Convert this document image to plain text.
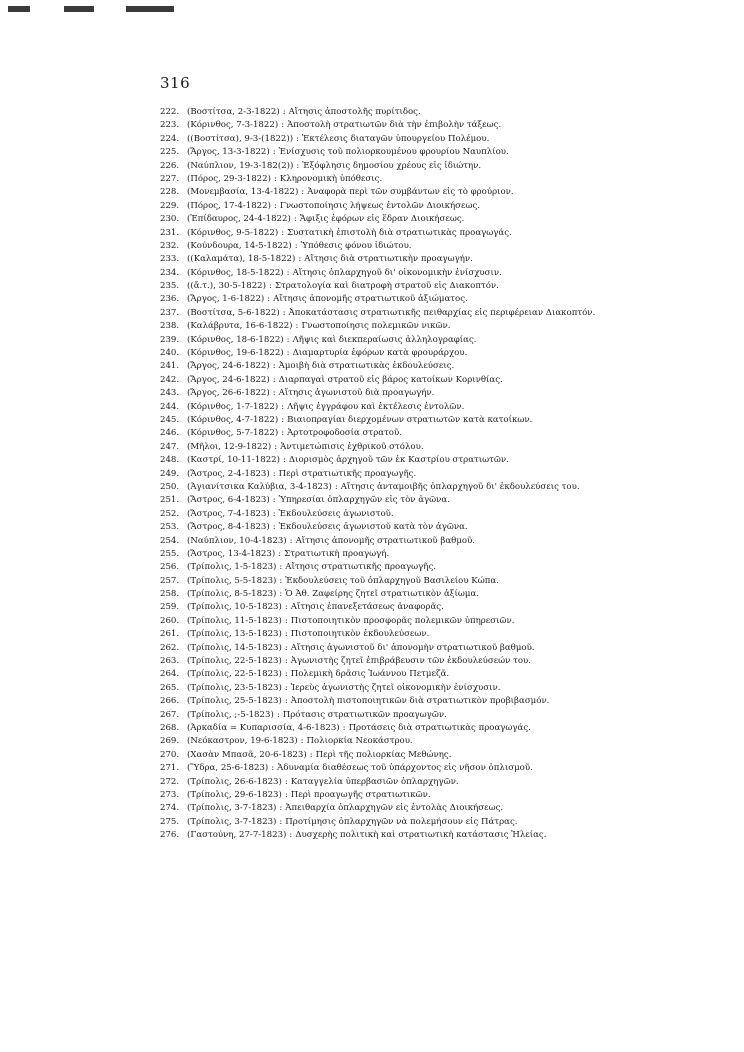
316
222. (Βοστίτσα, 2-3-1822) : Αἴτησις ἀποστολῆς πυρίτιδος.
223. (Κόρινθος, 7-3-1822) : Ἀποστολὴ στρατιωτῶν διὰ τὴν ἐπιβολὴν τάξεως.
224. ((Βοστίτσα), 9-3-(1822)) : Ἐκτέλεσις διαταγῶν ὑπουργείου Πολέμου.
225. (Ἄργος, 13-3-1822) : Ἐνίσχυσις τοῦ πολιορκουμένου φρουρίου Ναυπλίου.
226. (Ναύπλιον, 19-3-182(2)) : Ἐξόφλησις δημοσίου χρέους εἰς ἰδιώτην.
227. (Πόρος, 29-3-1822) : Κληρονομικὴ ὑπόθεσις.
228. (Μονεμβασία, 13-4-1822) : Ἀναφορὰ περὶ τῶν συμβάντων εἰς τὸ φρούριον.
229. (Πόρος, 17-4-1822) : Γνωστοποίησις λήψεως ἐντολῶν Διοικήσεως.
230. (Ἐπίδαυρος, 24-4-1822) : Ἄφιξις ἐφόρων εἰς ἕδραν Διοικήσεως.
231. (Κόρινθος, 9-5-1822) : Συστατικὴ ἐπιστολὴ διὰ στρατιωτικὰς προαγωγάς.
232. (Κούνδουρα, 14-5-1822) : Ὑπόθεσις φόνου ἰδιώτου.
233. ((Καλαμάτα), 18-5-1822) : Αἴτησις διὰ στρατιωτικὴν προαγωγήν.
234. (Κόρινθος, 18-5-1822) : Αἴτησις ὁπλαρχηγοῦ δι' οἰκονομικὴν ἐνίσχυσιν.
235. ((ἄ.τ.), 30-5-1822) : Στρατολογία καὶ διατροφὴ στρατοῦ εἰς Διακοπτόν.
236. (Ἄργος, 1-6-1822) : Αἴτησις ἀπονομῆς στρατιωτικοῦ ἀξιώματος.
237. (Βοστίτσα, 5-6-1822) : Ἀποκατάστασις στρατιωτικῆς πειθαρχίας εἰς περιφέρειαν Διακοπτόν.
238. (Καλάβρυτα, 16-6-1822) : Γνωστοποίησις πολεμικῶν νικῶν.
239. (Κόρινθος, 18-6-1822) : Λῆψις καὶ διεκπεραίωσις ἀλληλογραφίας.
240. (Κόρινθος, 19-6-1822) : Διαμαρτυρία ἐφόρων κατὰ φρουράρχου.
241. (Ἄργος, 24-6-1822) : Ἀμοιβὴ διὰ στρατιωτικὰς ἐκδουλεύσεις.
242. (Ἄργος, 24-6-1822) : Διαρπαγαὶ στρατοῦ εἰς βάρος κατοίκων Κορινθίας.
243. (Ἄργος, 26-6-1822) : Αἴτησις ἀγωνιστοῦ διὰ προαγωγήν.
244. (Κόρινθος, 1-7-1822) : Λῆψις ἐγγράφου καὶ ἐκτέλεσις ἐντολῶν.
245. (Κόρινθος, 4-7-1822) : Βιαιοπραγίαι διερχομένων στρατιωτῶν κατὰ κατοίκων.
246. (Κόρινθος, 5-7-1822) : Ἀρτοτροφοδοσία στρατοῦ.
247. (Μῆλοι, 12-9-1822) : Ἀντιμετώπισις ἐχθρικοῦ στόλου.
248. (Καστρί, 10-11-1822) : Διορισμὸς ἀρχηγοῦ τῶν ἐκ Καστρίου στρατιωτῶν.
249. (Ἄστρος, 2-4-1823) : Περὶ στρατιωτικῆς προαγωγῆς.
250. (Ἀγιανίτσικα Καλύβια, 3-4-1823) : Αἴτησις ἀνταμοιβῆς ὁπλαρχηγοῦ δι' ἐκδουλεύσεις του.
251. (Ἄστρος, 6-4-1823) : Ὑπηρεσίαι ὁπλαρχηγῶν εἰς τὸν ἀγῶνα.
252. (Ἄστρος, 7-4-1823) : Ἐκδουλεύσεις ἀγωνιστοῦ.
253. (Ἄστρος, 8-4-1823) : Ἐκδουλεύσεις ἀγωνιστοῦ κατὰ τὸν ἀγῶνα.
254. (Ναύπλιον, 10-4-1823) : Αἴτησις ἀπονομῆς στρατιωτικοῦ βαθμοῦ.
255. (Ἄστρος, 13-4-1823) : Στρατιωτικὴ προαγωγή.
256. (Τρίπολις, 1-5-1823) : Αἴτησις στρατιωτικῆς προαγωγῆς.
257. (Τρίπολις, 5-5-1823) : Ἐκδουλεύσεις τοῦ ὁπλαρχηγοῦ Βασιλείου Κώπα.
258. (Τρίπολις, 8-5-1823) : Ὁ Ἀθ. Ζαφείρης ζητεῖ στρατιωτικὸν ἀξίωμα.
259. (Τρίπολις, 10-5-1823) : Αἴτησις ἐπανεξετάσεως ἀναφορᾶς.
260. (Τρίπολις, 11-5-1823) : Πιστοποιητικὸν προσφορᾶς πολεμικῶν ὑπηρεσιῶν.
261. (Τρίπολις, 13-5-1823) : Πιστοποιητικὸν ἐκδουλεύσεων.
262. (Τρίπολις, 14-5-1823) : Αἴτησις ἀγωνιστοῦ δι' ἀπονομὴν στρατιωτικοῦ βαθμοῦ.
263. (Τρίπολις, 22-5-1823) : Ἀγωνιστὴς ζητεῖ ἐπιβράβευσιν τῶν ἐκδουλεύσεών του.
264. (Τρίπολις, 22-5-1823) : Πολεμικὴ δρᾶσις Ἰωάννου Πετμεζᾶ.
265. (Τρίπολις, 23-5-1823) : Ἱερεὺς ἀγωνιστὴς ζητεῖ οἰκονομικὴν ἐνίσχυσιν.
266. (Τρίπολις, 25-5-1823) : Ἀποστολὴ πιστοποιητικῶν διὰ στρατιωτικὸν προβιβασμόν.
267. (Τρίπολις, ;-5-1823) : Πρότασις στρατιωτικῶν προαγωγῶν.
268. (Ἀρκαδία = Κυπαρισσία, 4-6-1823) : Προτάσεις διὰ στρατιωτικὰς προαγωγάς.
269. (Νεόκαστρον, 19-6-1823) : Πολιορκία Νεοκάστρου.
270. (Χασὰν Μπασᾶ, 20-6-1823) : Περὶ τῆς πολιορκίας Μεθώνης.
271. (Ὕδρα, 25-6-1823) : Ἀδυναμία διαθέσεως τοῦ ὑπάρχοντος εἰς νῆσον ὁπλισμοῦ.
272. (Τρίπολις, 26-6-1823) : Καταγγελία ὑπερβασιῶν ὁπλαρχηγῶν.
273. (Τρίπολις, 29-6-1823) : Περὶ προαγωγῆς στρατιωτικῶν.
274. (Τρίπολις, 3-7-1823) : Ἀπειθαρχία ὁπλαρχηγῶν εἰς ἐντολὰς Διοικήσεως.
275. (Τρίπολις, 3-7-1823) : Προτίμησις ὁπλαρχηγῶν νὰ πολεμήσουν εἰς Πάτρας.
276. (Γαστούνη, 27-7-1823) : Δυσχερὴς πολιτικὴ καὶ στρατιωτικὴ κατάστασις Ἠλείας.
